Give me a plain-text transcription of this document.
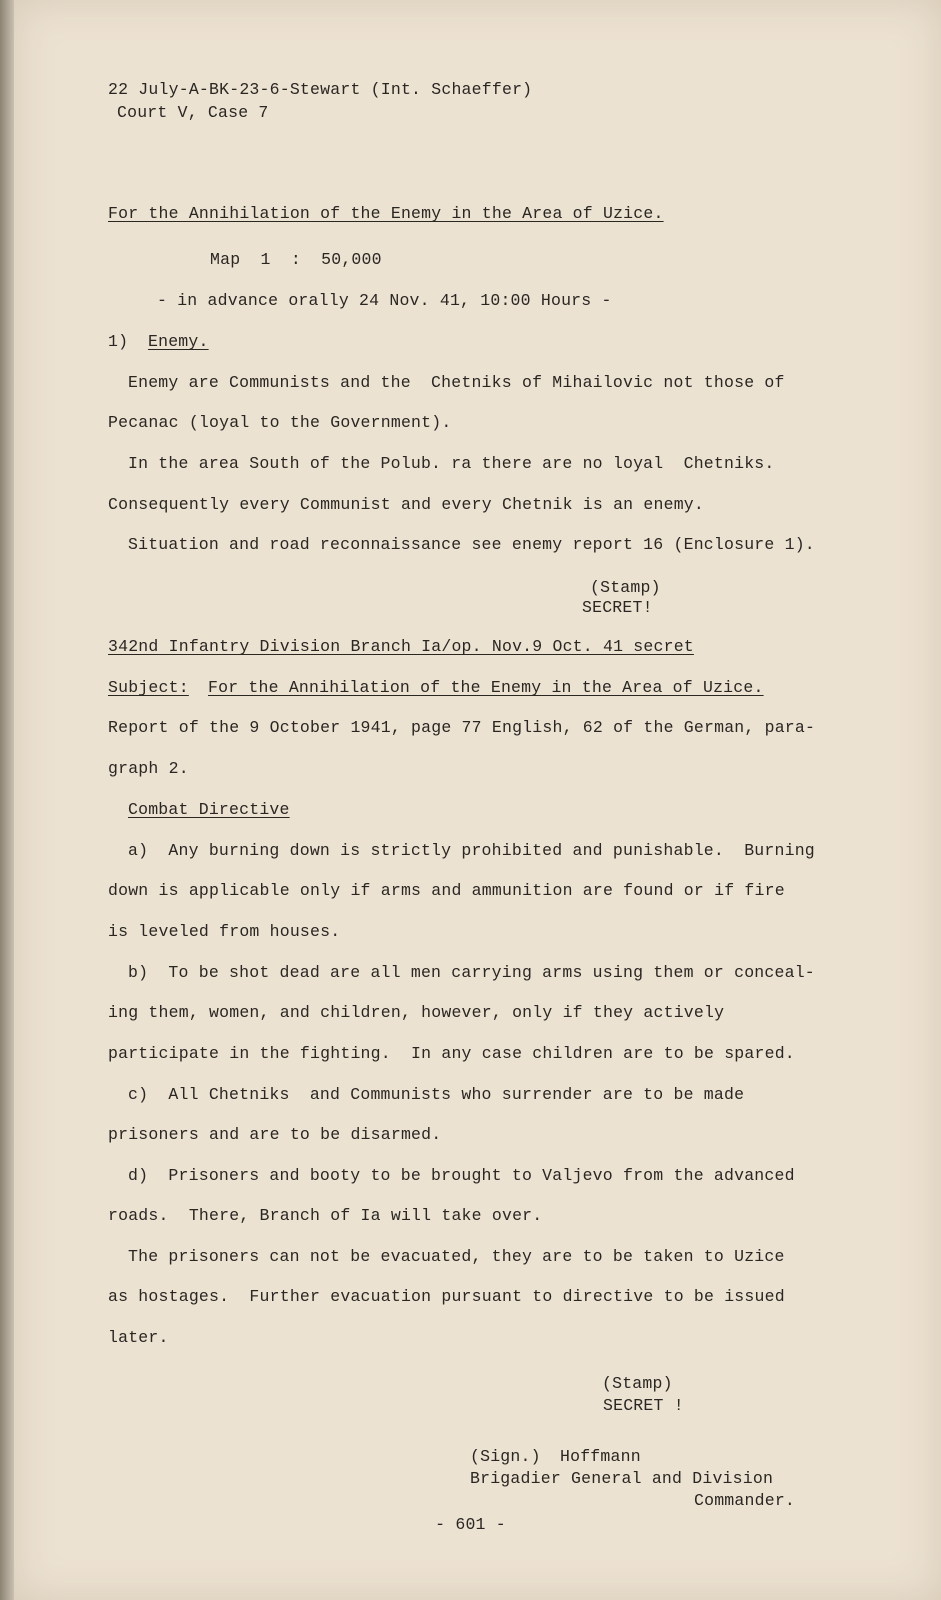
22 July-A-BK-23-6-Stewart (Int. Schaeffer)
Court V, Case 7
For the Annihilation of the Enemy in the Area of Uzice.
Map  1  :  50,000
- in advance orally 24 Nov. 41, 10:00 Hours -
1) Enemy.
Enemy are Communists and the  Chetniks of Mihailovic not those of
Pecanac (loyal to the Government).
In the area South of the Polub. ra there are no loyal  Chetniks.
Consequently every Communist and every Chetnik is an enemy.
Situation and road reconnaissance see enemy report 16 (Enclosure 1).
(Stamp)
SECRET!
342nd Infantry Division Branch Ia/op. Nov.9 Oct. 41 secret
Subject: For the Annihilation of the Enemy in the Area of Uzice.
Report of the 9 October 1941, page 77 English, 62 of the German, para-
graph 2.
Combat Directive
a)  Any burning down is strictly prohibited and punishable.  Burning
down is applicable only if arms and ammunition are found or if fire
is leveled from houses.
b)  To be shot dead are all men carrying arms using them or conceal-
ing them, women, and children, however, only if they actively
participate in the fighting.  In any case children are to be spared.
c)  All Chetniks  and Communists who surrender are to be made
prisoners and are to be disarmed.
d)  Prisoners and booty to be brought to Valjevo from the advanced
roads.  There, Branch of Ia will take over.
The prisoners can not be evacuated, they are to be taken to Uzice
as hostages.  Further evacuation pursuant to directive to be issued
later.
(Stamp)
SECRET !
(Sign.) Hoffmann
Brigadier General and Division
Commander.
- 601 -
